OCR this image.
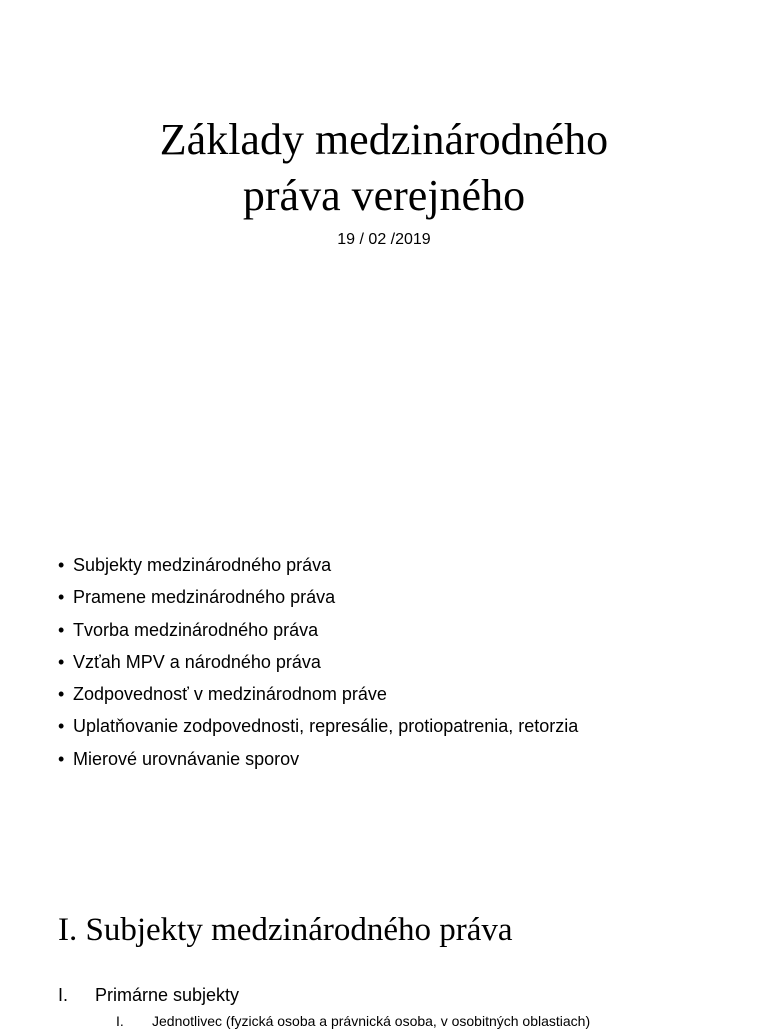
Základy medzinárodného
práva verejného
19 / 02 /2019
• Subjekty medzinárodného práva
• Pramene medzinárodného práva
• Tvorba medzinárodného práva
• Vzťah MPV a národného práva
• Zodpovednosť v medzinárodnom práve
• Uplatňovanie zodpovednosti, represálie, protiopatrenia, retorzia
• Mierové urovnávanie sporov
I. Subjekty medzinárodného práva
I. Primárne subjekty
I. Jednotlivec (fyzická osoba a právnická osoba, v osobitných oblastiach)
